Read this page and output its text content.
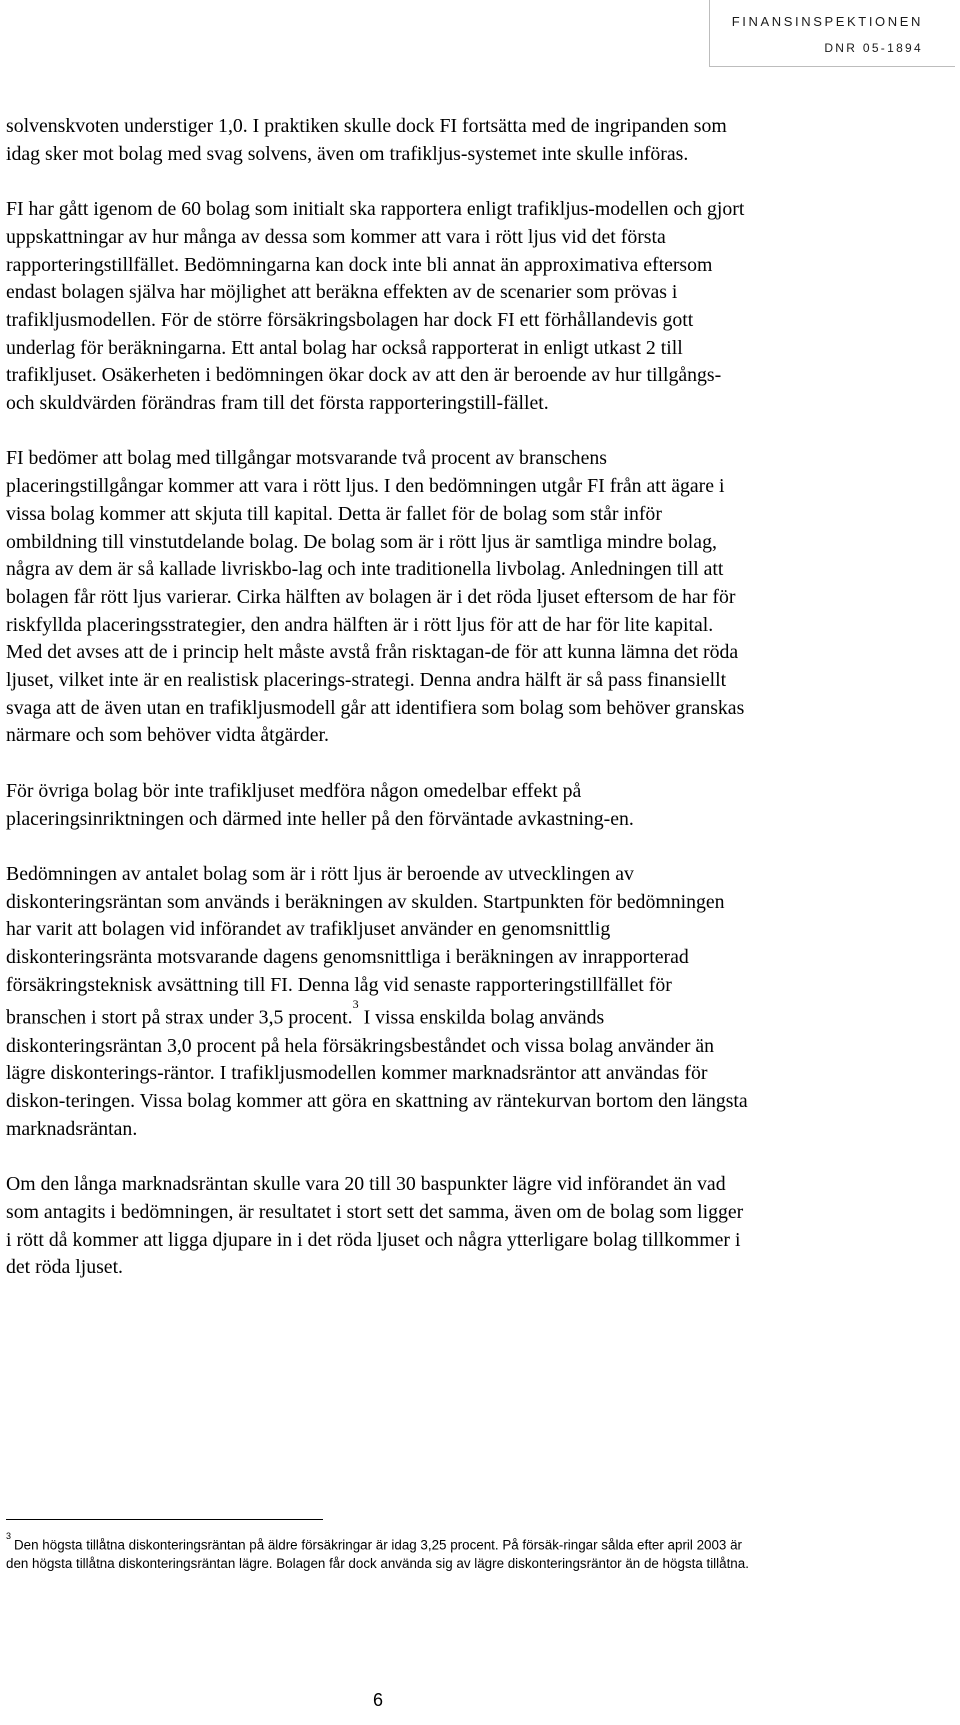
FINANSINSPEKTIONEN
DNR 05-1894

solvenskvoten understiger 1,0. I praktiken skulle dock FI fortsätta med de ingripanden som idag sker mot bolag med svag solvens, även om trafikljus-systemet inte skulle införas.

FI har gått igenom de 60 bolag som initialt ska rapportera enligt trafikljus-modellen och gjort uppskattningar av hur många av dessa som kommer att vara i rött ljus vid det första rapporteringstillfället. Bedömningarna kan dock inte bli annat än approximativa eftersom endast bolagen själva har möjlighet att beräkna effekten av de scenarier som prövas i trafikljusmodellen. För de större försäkringsbolagen har dock FI ett förhållandevis gott underlag för beräkningarna. Ett antal bolag har också rapporterat in enligt utkast 2 till trafikljuset. Osäkerheten i bedömningen ökar dock av att den är beroende av hur tillgångs- och skuldvärden förändras fram till det första rapporteringstill-fället.

FI bedömer att bolag med tillgångar motsvarande två procent av branschens placeringstillgångar kommer att vara i rött ljus. I den bedömningen utgår FI från att ägare i vissa bolag kommer att skjuta till kapital. Detta är fallet för de bolag som står inför ombildning till vinstutdelande bolag. De bolag som är i rött ljus är samtliga mindre bolag, några av dem är så kallade livriskbo-lag och inte traditionella livbolag. Anledningen till att bolagen får rött ljus varierar. Cirka hälften av bolagen är i det röda ljuset eftersom de har för riskfyllda placeringsstrategier, den andra hälften är i rött ljus för att de har för lite kapital. Med det avses att de i princip helt måste avstå från risktagan-de för att kunna lämna det röda ljuset, vilket inte är en realistisk placerings-strategi. Denna andra hälft är så pass finansiellt svaga att de även utan en trafikljusmodell går att identifiera som bolag som behöver granskas närmare och som behöver vidta åtgärder.

För övriga bolag bör inte trafikljuset medföra någon omedelbar effekt på placeringsinriktningen och därmed inte heller på den förväntade avkastning-en.

Bedömningen av antalet bolag som är i rött ljus är beroende av utvecklingen av diskonteringsräntan som används i beräkningen av skulden. Startpunkten för bedömningen har varit att bolagen vid införandet av trafikljuset använder en genomsnittlig diskonteringsränta motsvarande dagens genomsnittliga i beräkningen av inrapporterad försäkringsteknisk avsättning till FI. Denna låg vid senaste rapporteringstillfället för branschen i stort på strax under 3,5 procent.$^3$ I vissa enskilda bolag används diskonteringsräntan 3,0 procent på hela försäkringsbeståndet och vissa bolag använder än lägre diskonterings-räntor. I trafikljusmodellen kommer marknadsräntor att användas för diskon-teringen. Vissa bolag kommer att göra en skattning av räntekurvan bortom den längsta marknadsräntan.

Om den långa marknadsräntan skulle vara 20 till 30 baspunkter lägre vid införandet än vad som antagits i bedömningen, är resultatet i stort sett det samma, även om de bolag som ligger i rött då kommer att ligga djupare in i det röda ljuset och några ytterligare bolag tillkommer i det röda ljuset.

$^3$Den högsta tillåtna diskonteringsräntan på äldre försäkringar är idag 3,25 procent. På försäk-ringar sålda efter april 2003 är den högsta tillåtna diskonteringsräntan lägre. Bolagen får dock använda sig av lägre diskonteringsräntor än de högsta tillåtna.
6
